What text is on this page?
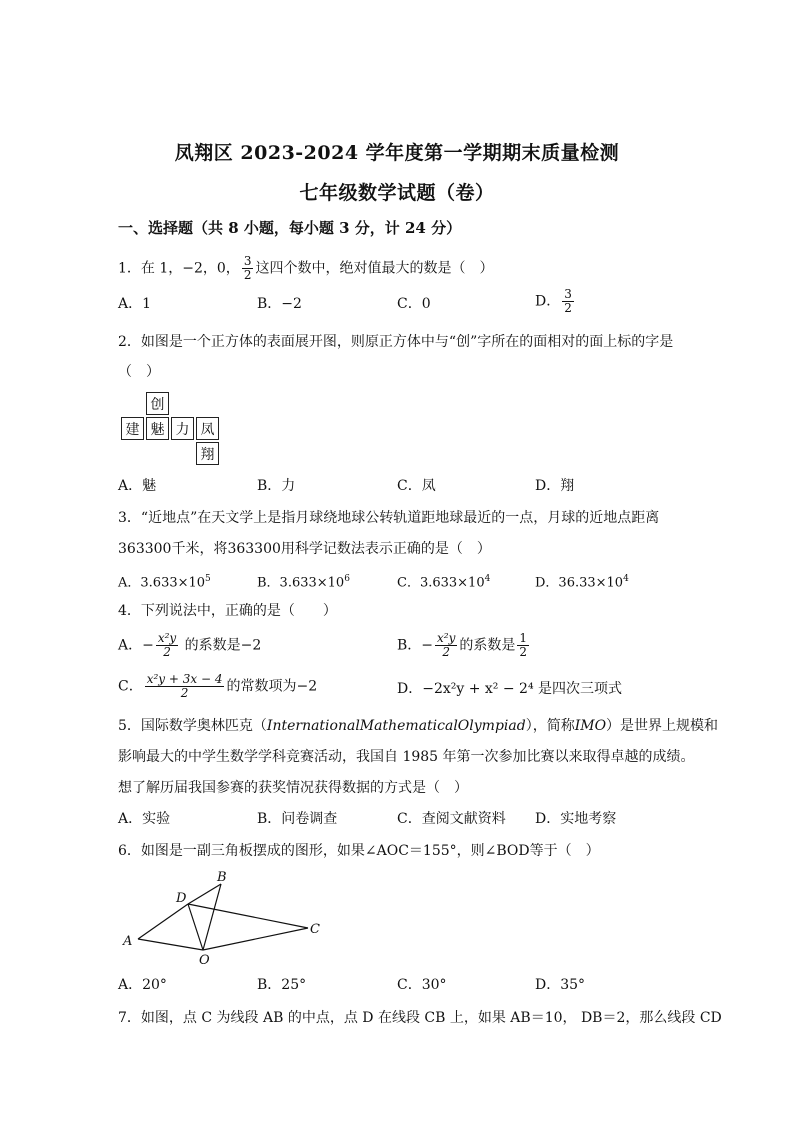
凤翔区 2023-2024 学年度第一学期期末质量检测
七年级数学试题（卷）
一、选择题（共 8 小题，每小题 3 分，计 24 分）
1．在 1，−2，0， $\frac{3}{2}$ 这四个数中，绝对值最大的数是（　）
A．1	B．−2	C．0	D． $\frac{3}{2}$
2．如图是一个正方体的表面展开图，则原正方体中与“创”字所在的面相对的面上标的字是
（　）
创
建 魅 力 凤
翔
A．魅	B．力	C．凤	D．翔
3．“近地点”在天文学上是指月球绕地球公转轨道距地球最近的一点，月球的近地点距离
363300千米，将363300用科学记数法表示正确的是（　）
A．$3.633\times 10^5$	B．$3.633\times 10^6$	C．$3.633\times 10^4$	D．$36.33\times 10^4$
4．下列说法中，正确的是（　　）
A．− $\frac{\text{x²y}}{2}$ 的系数是−2	B．− $\frac{\text{x²y}}{2}$ 的系数是 $\frac{1}{2}$
C． $\frac{\text{x²y + 3x − 4}}{2}$ 的常数项为−2	D．−2x²y + x² − 2⁴ 是四次三项式
5．国际数学奥林匹克（InternationalMathematicalOlympiad），简称IMO）是世界上规模和
影响最大的中学生数学学科竞赛活动，我国自 1985 年第一次参加比赛以来取得卓越的成绩。
想了解历届我国参赛的获奖情况获得数据的方式是（　）
A．实验	B．问卷调查	C．查阅文献资料 D．实地考察
6．如图是一副三角板摆成的图形，如果∠AOC＝155°，则∠BOD等于（　）
A
B
C
D
O
A．20°	B．25°	C．30°	D．35°
7．如图，点 C 为线段 AB 的中点，点 D 在线段 CB 上，如果 AB＝10， DB＝2，那么线段 CD
